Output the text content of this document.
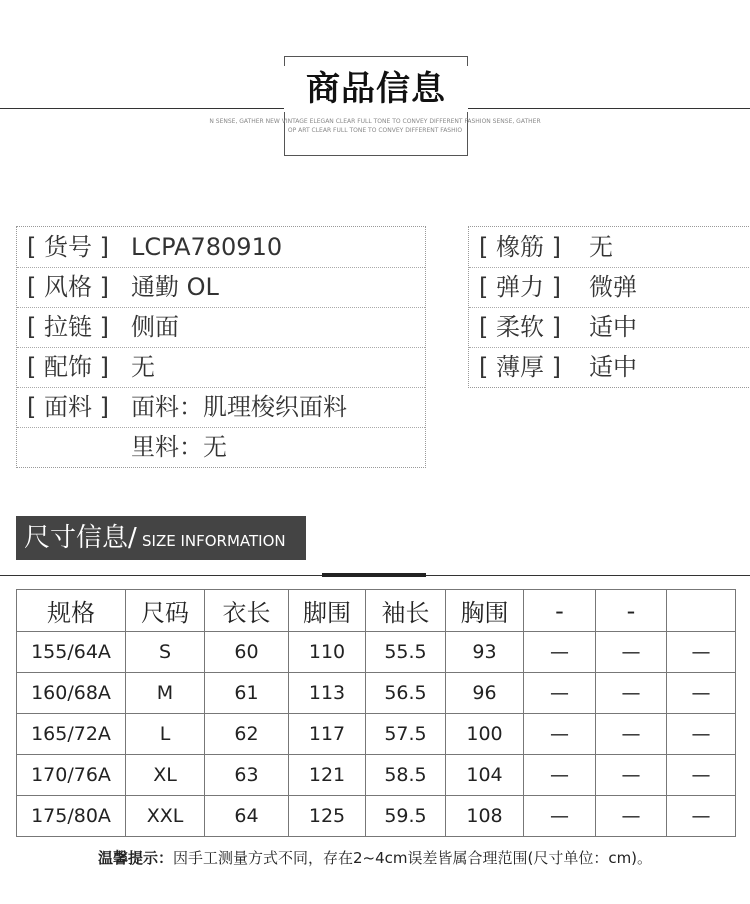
商品信息
N SENSE, GATHER NEW VINTAGE ELEGAN CLEAR FULL TONE TO CONVEY DIFFERENT FASHION SENSE, GATHER
OP ART CLEAR FULL TONE TO CONVEY DIFFERENT FASHIO
[ 货号 ] LCPA780910
[ 风格 ] 通勤 OL
[ 拉链 ] 侧面
[ 配饰 ] 无
[ 面料 ] 面料：肌理梭织面料
里料：无
[ 橡筋 ] 无
[ 弹力 ] 微弹
[ 柔软 ] 适中
[ 薄厚 ] 适中
尺寸信息/ SIZE INFORMATION
规格	尺码	衣长	脚围	袖长	胸围	-	-	
155/64A	S	60	110	55.5	93	—	—	—
160/68A	M	61	113	56.5	96	—	—	—
165/72A	L	62	117	57.5	100	—	—	—
170/76A	XL	63	121	58.5	104	—	—	—
175/80A	XXL	64	125	59.5	108	—	—	—
温馨提示：因手工测量方式不同，存在2~4cm误差皆属合理范围(尺寸单位：cm)。
